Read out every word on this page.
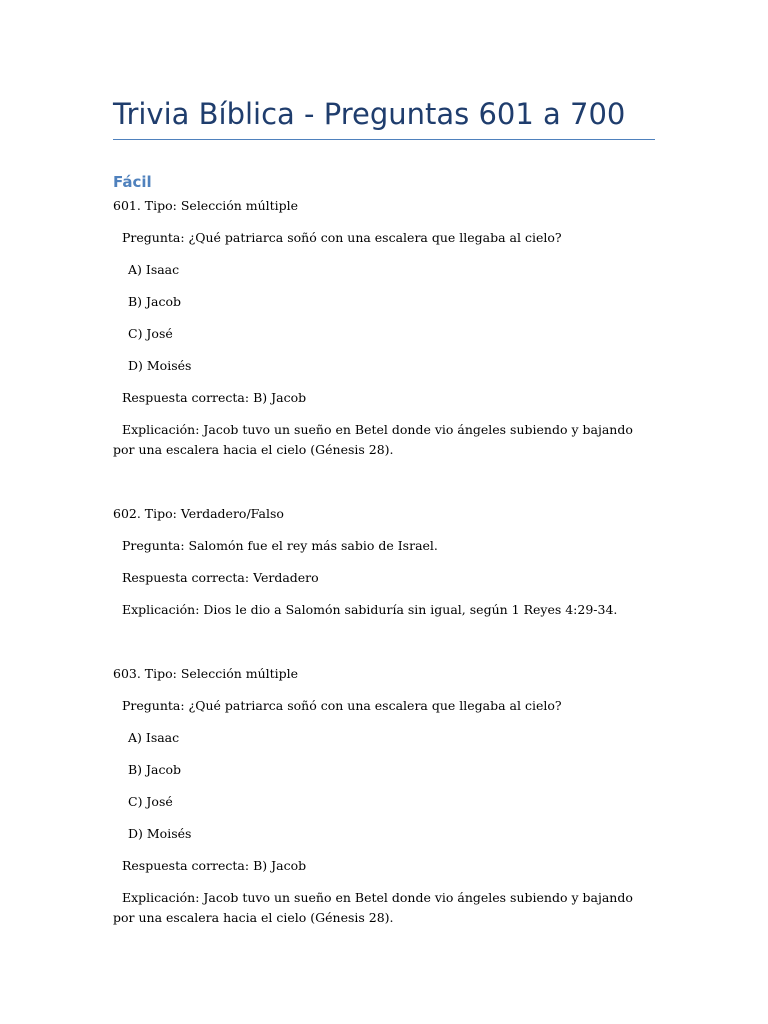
Trivia Bíblica - Preguntas 601 a 700
Fácil

601. Tipo: Selección múltiple

Pregunta: ¿Qué patriarca soñó con una escalera que llegaba al cielo?

A) Isaac

B) Jacob

C) José

D) Moisés

Respuesta correcta: B) Jacob

Explicación: Jacob tuvo un sueño en Betel donde vio ángeles subiendo y bajando por una escalera hacia el cielo (Génesis 28).

602. Tipo: Verdadero/Falso

Pregunta: Salomón fue el rey más sabio de Israel.

Respuesta correcta: Verdadero

Explicación: Dios le dio a Salomón sabiduría sin igual, según 1 Reyes 4:29-34.

603. Tipo: Selección múltiple

Pregunta: ¿Qué patriarca soñó con una escalera que llegaba al cielo?

A) Isaac

B) Jacob

C) José

D) Moisés

Respuesta correcta: B) Jacob

Explicación: Jacob tuvo un sueño en Betel donde vio ángeles subiendo y bajando por una escalera hacia el cielo (Génesis 28).
